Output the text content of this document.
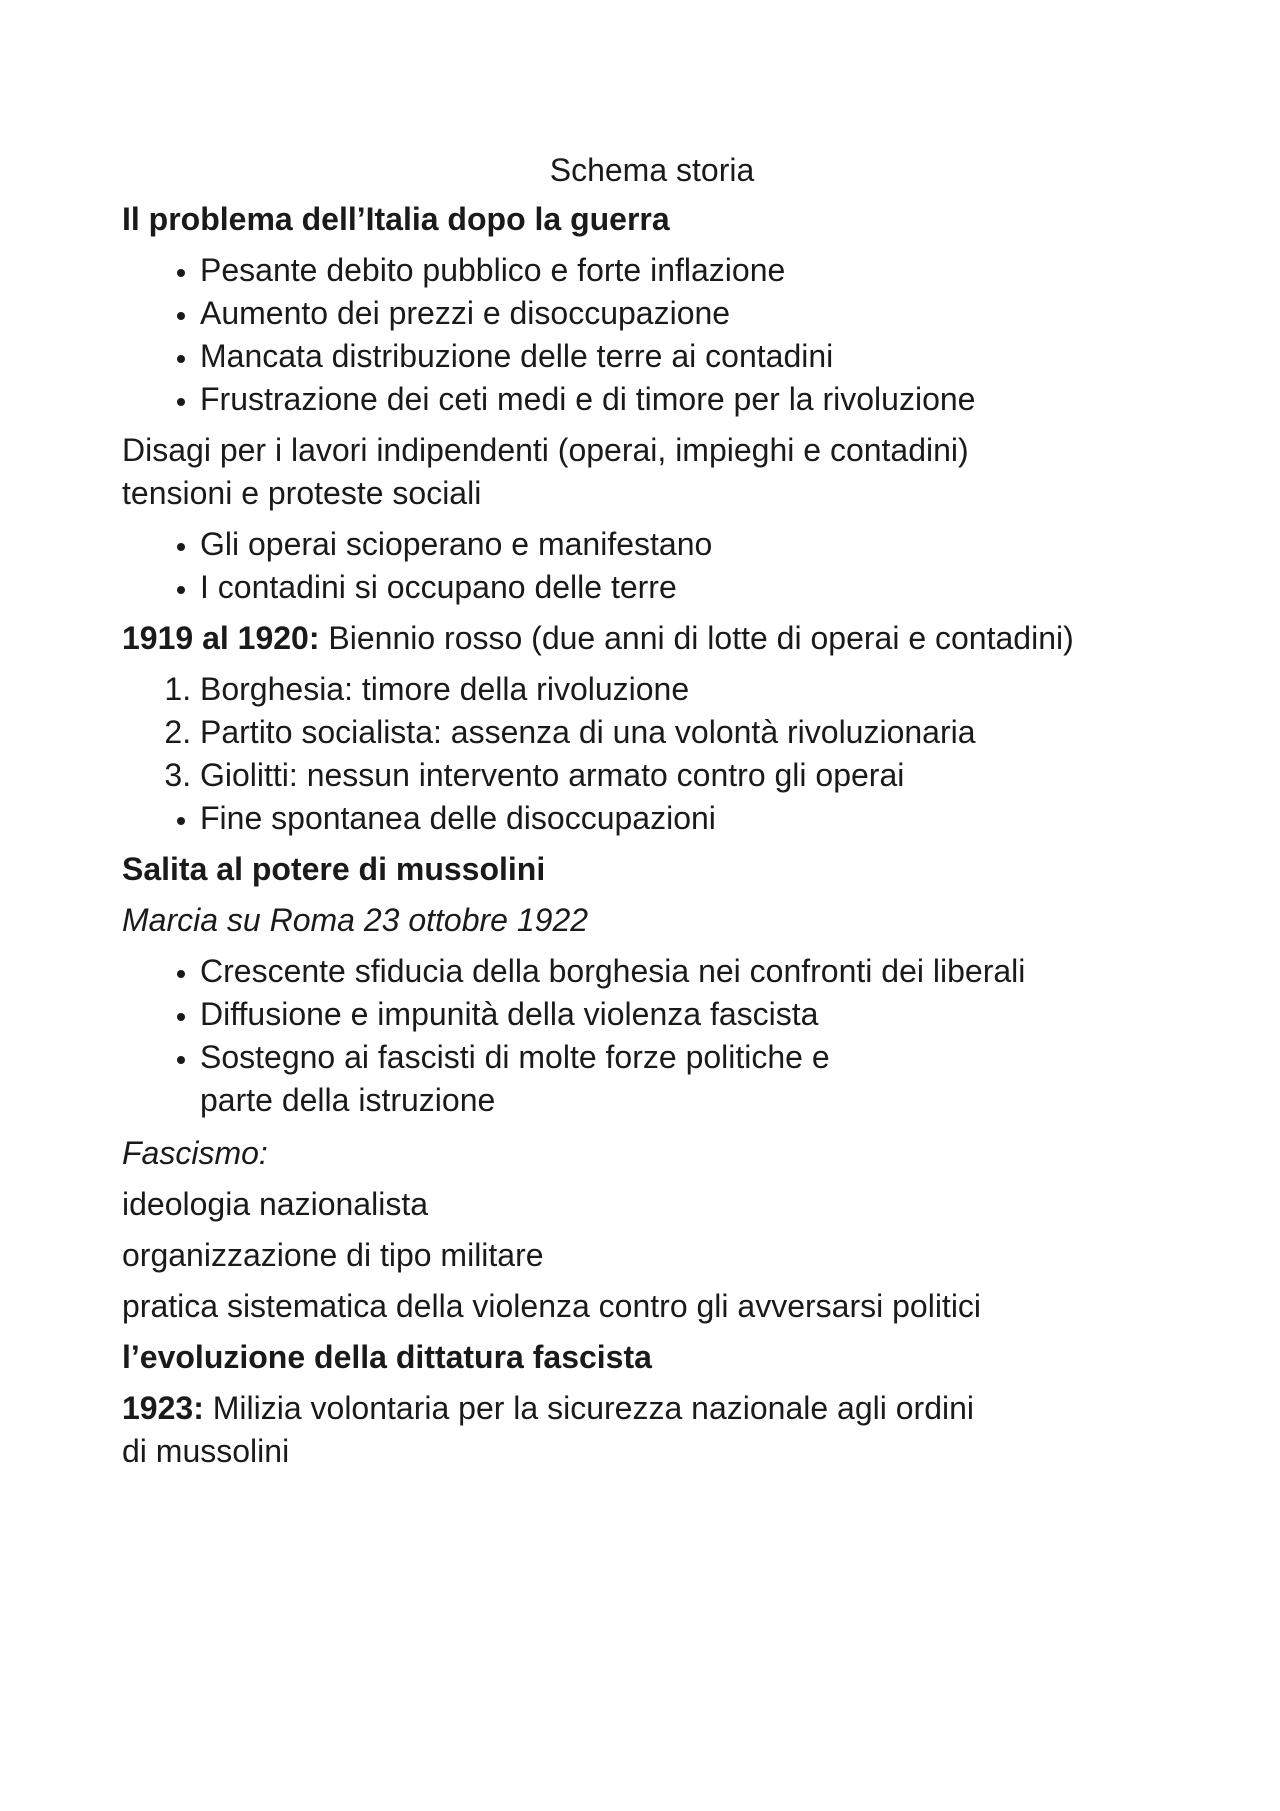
Schema storia
Il problema dell’Italia dopo la guerra
• Pesante debito pubblico e forte inflazione
• Aumento dei prezzi e disoccupazione
• Mancata distribuzione delle terre ai contadini
• Frustrazione dei ceti medi e di timore per la rivoluzione

Disagi per i lavori indipendenti (operai, impieghi e contadini)
tensioni e proteste sociali

• Gli operai scioperano e manifestano
• I contadini si occupano delle terre

1919 al 1920: Biennio rosso (due anni di lotte di operai e contadini)

1. Borghesia: timore della rivoluzione
2. Partito socialista: assenza di una volontà rivoluzionaria
3. Giolitti: nessun intervento armato contro gli operai
• Fine spontanea delle disoccupazioni
Salita al potere di mussolini

Marcia su Roma 23 ottobre 1922

• Crescente sfiducia della borghesia nei confronti dei liberali
• Diffusione e impunità della violenza fascista
• Sostegno ai fascisti di molte forze politiche e parte della istruzione

Fascismo:

ideologia nazionalista

organizzazione di tipo militare

pratica sistematica della violenza contro gli avversarsi politici

l’evoluzione della dittatura fascista

1923: Milizia volontaria per la sicurezza nazionale agli ordini di mussolini
